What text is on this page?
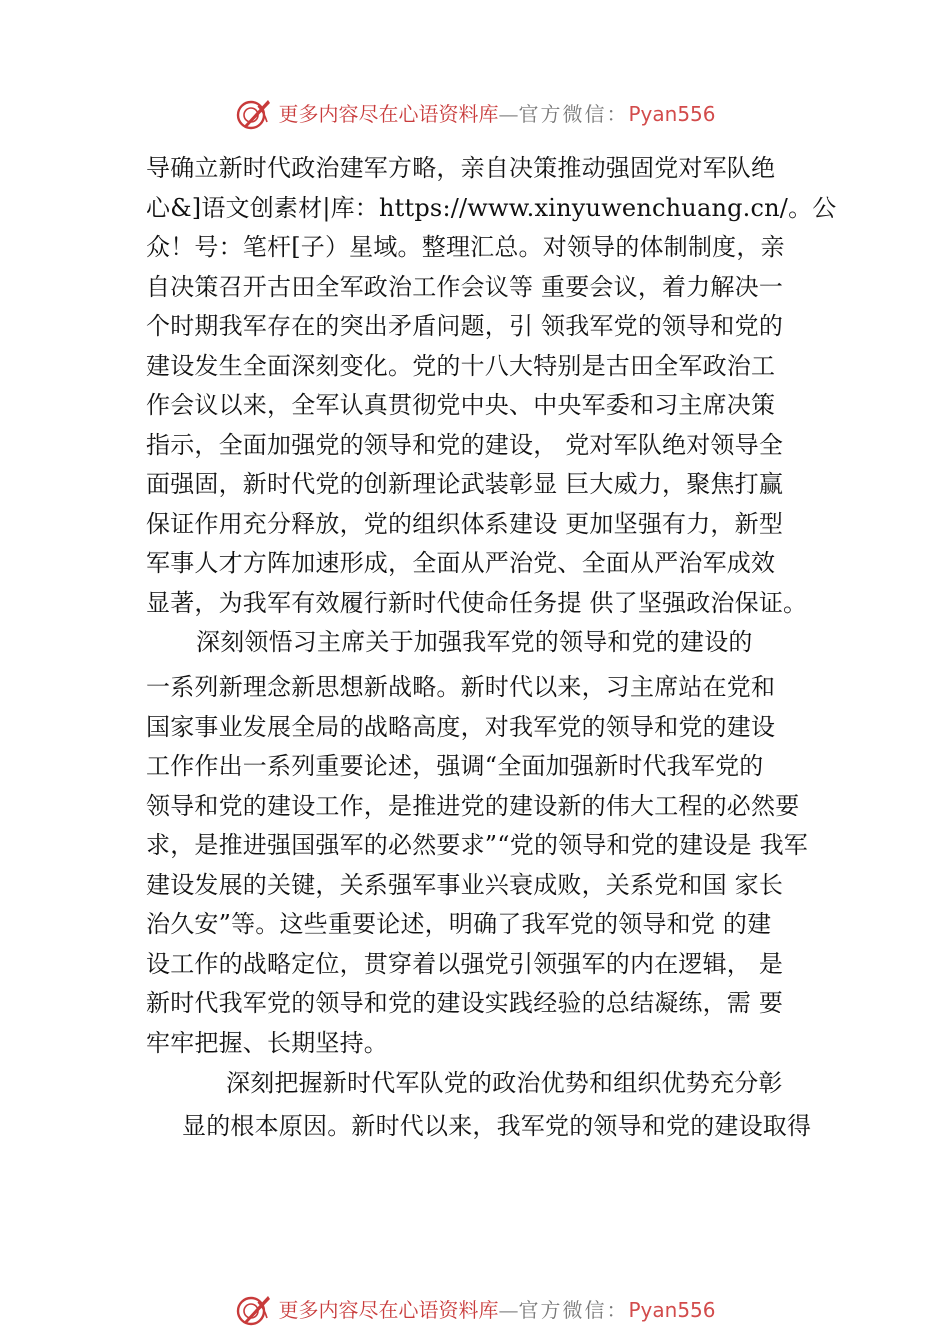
更多内容尽在心语资料库—官方微信：Pyan556
导确立新时代政治建军方略，亲自决策推动强固党对军队绝
心&]语文创素材|库：https://www.xinyuwenchuang.cn/。公
众！号：笔杆[子）星域。整理汇总。对领导的体制制度，亲
自决策召开古田全军政治工作会议等 重要会议，着力解决一
个时期我军存在的突出矛盾问题，引 领我军党的领导和党的
建设发生全面深刻变化。党的十八大特别是古田全军政治工
作会议以来，全军认真贯彻党中央、中央军委和习主席决策
指示，全面加强党的领导和党的建设， 党对军队绝对领导全
面强固，新时代党的创新理论武装彰显 巨大威力，聚焦打赢
保证作用充分释放，党的组织体系建设 更加坚强有力，新型
军事人才方阵加速形成，全面从严治党、全面从严治军成效
显著，为我军有效履行新时代使命任务提 供了坚强政治保证。
深刻领悟习主席关于加强我军党的领导和党的建设的
一系列新理念新思想新战略。新时代以来，习主席站在党和
国家事业发展全局的战略高度，对我军党的领导和党的建设
工作作出一系列重要论述，强调“全面加强新时代我军党的
领导和党的建设工作，是推进党的建设新的伟大工程的必然要
求，是推进强国强军的必然要求”“党的领导和党的建设是 我军
建设发展的关键，关系强军事业兴衰成败，关系党和国 家长
治久安”等。这些重要论述，明确了我军党的领导和党 的建
设工作的战略定位，贯穿着以强党引领强军的内在逻辑， 是
新时代我军党的领导和党的建设实践经验的总结凝练，需 要
牢牢把握、长期坚持。
深刻把握新时代军队党的政治优势和组织优势充分彰
显的根本原因。新时代以来，我军党的领导和党的建设取得
更多内容尽在心语资料库—官方微信：Pyan556
